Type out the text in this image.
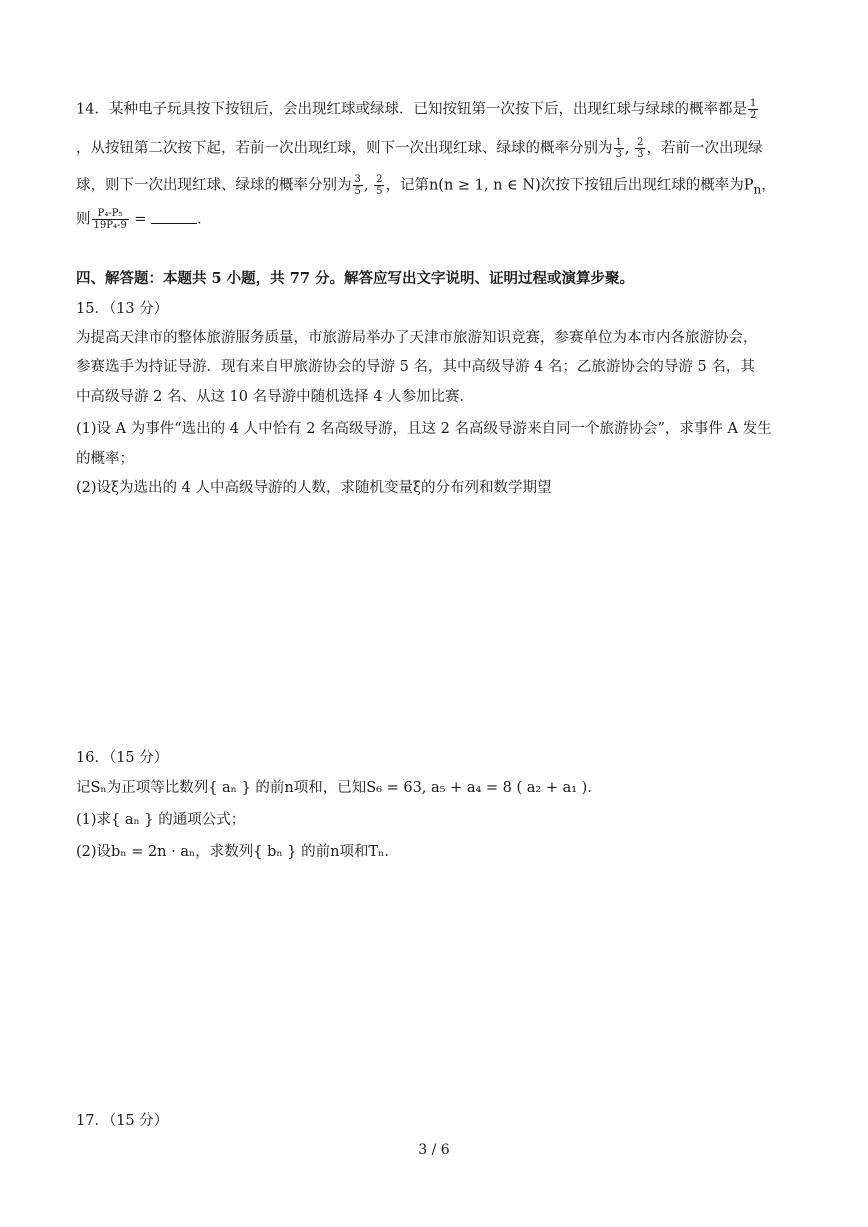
14．某种电子玩具按下按钮后，会出现红球或绿球．已知按钮第一次按下后，出现红球与绿球的概率都是 $\frac{1}{2}$
，从按钮第二次按下起，若前一次出现红球，则下一次出现红球、绿球的概率分别为 $\frac{1}{3}$ , $\frac{2}{3}$ ，若前一次出现绿
球，则下一次出现红球、绿球的概率分别为 $\frac{3}{5}$ , $\frac{2}{5}$ ，记第n(n ≥ 1, n ∈ N)次按下按钮后出现红球的概率为$P_n$，
则 $\frac{\text{P₄-P₅}}{\text{19P₄-9}}$ =	．
四、解答题：本题共 5 小题，共 77 分。解答应写出文字说明、证明过程或演算步聚。
15．（13 分）
为提高天津市的整体旅游服务质量，市旅游局举办了天津市旅游知识竞赛，参赛单位为本市内各旅游协会，
参赛选手为持证导游．现有来自甲旅游协会的导游 5 名，其中高级导游 4 名；乙旅游协会的导游 5 名，其
中高级导游 2 名、从这 10 名导游中随机选择 4 人参加比赛．
(1)设 A 为事件“选出的 4 人中恰有 2 名高级导游，且这 2 名高级导游来自同一个旅游协会”，求事件 A 发生
的概率；
(2)设ξ为选出的 4 人中高级导游的人数，求随机变量ξ的分布列和数学期望
16．（15 分）
记Sₙ为正项等比数列{ aₙ } 的前n项和，已知S₆ = 63, a₅ + a₄ = 8 ( a₂ + a₁ )．
(1)求{ aₙ } 的通项公式；
(2)设bₙ = 2n · aₙ，求数列{ bₙ } 的前n项和Tₙ.
17．（15 分）
3 / 6
